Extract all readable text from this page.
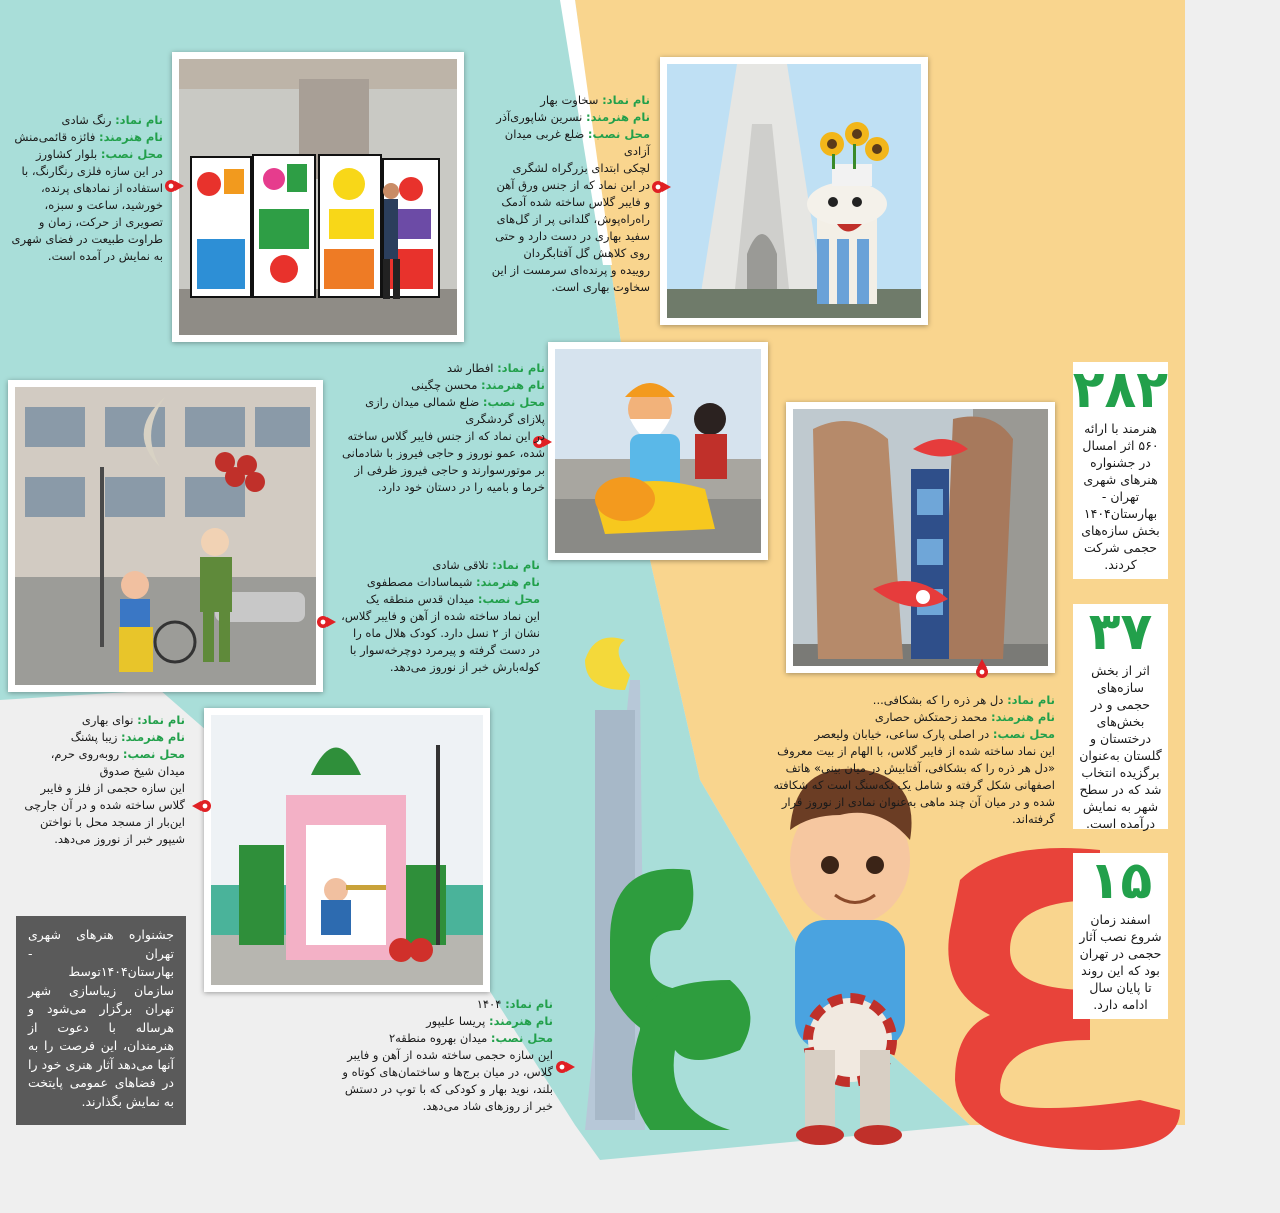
نام نماد: رنگ شادی

نام هنرمند: فائزه قائمی‌منش

محل نصب: بلوار کشاورز

در این سازه فلزی رنگارنگ، با استفاده از نمادهای پرنده، خورشید، ساعت و سبزه، تصویری از حرکت، زمان و طراوت طبیعت در فضای شهری به نمایش در آمده است.

نام نماد: سخاوت بهار

نام هنرمند: نسرین شاپوری‌آذر

محل نصب: ضلع غربی میدان آزادی

لچکی ابتدای بزرگراه لشگری

در این نماد که از جنس ورق آهن و فایبر گلاس ساخته شده آدمک راه‌راه‌پوش، گلدانی پر از گل‌های سفید بهاری در دست دارد و حتی روی کلاهش گل آفتابگردان روییده و پرنده‌ای سرمست از این سخاوت بهاری است.

نام نماد: افطار شد

نام هنرمند: محسن چگینی

محل نصب: ضلع شمالی میدان رازی

پلازای گردشگری

در این نماد که از جنس فایبر گلاس ساخته شده، عمو نوروز و حاجی فیروز با شادمانی بر موتورسوارند و حاجی فیروز ظرفی از خرما و بامیه را در دستان خود دارد.

نام نماد: تلاقی شادی

نام هنرمند: شیماسادات مصطفوی

محل نصب: میدان قدس منطقه یک

این نماد ساخته شده از آهن و فایبر گلاس، نشان از ۲ نسل دارد. کودک هلال ماه را در دست گرفته و پیرمرد دوچرخه‌سوار با کوله‌بارش خبر از نوروز می‌دهد.

نام نماد: دل هر ذره را که بشکافی...

نام هنرمند: محمد زحمتکش حصاری

محل نصب: در اصلی پارک ساعی، خیابان ولیعصر

این نماد ساخته شده از فایبر گلاس، با الهام از بیت معروف «دل هر ذره را که بشکافی، آفتابیش در میان بینی» هاتف اصفهانی شکل گرفته و شامل یک تکه‌سنگ است که شکافته شده و در میان آن چند ماهی به‌عنوان نمادی از نوروز قرار گرفته‌اند.

نام نماد: نوای بهاری

نام هنرمند: زیبا پشنگ

محل نصب: روبه‌روی حرم،

میدان شیخ صدوق

این سازه حجمی از فلز و فایبر گلاس ساخته شده و در آن جارچی این‌بار از مسجد محل با نواختن شیپور خبر از نوروز می‌دهد.

نام نماد: ۱۴۰۴

نام هنرمند: پریسا علیپور

محل نصب: میدان بهروه منطقه۲

این سازه حجمی ساخته شده از آهن و فایبر گلاس، در میان برج‌ها و ساختمان‌های کوتاه و بلند، نوید بهار و کودکی که با توپ در دستش خبر از روزهای شاد می‌دهد.

جشنواره هنرهای شهری تهران - بهارستان۱۴۰۴توسط سازمان زیباسازی شهر تهران برگزار می‌شود و هرساله با دعوت از هنرمندان، این فرصت را به آنها می‌دهد آثار هنری خود را در فضاهای عمومی پایتخت به نمایش بگذارند.
۲۸۲
هنرمند با ارائه ۵۶۰ اثر امسال در جشنواره هنرهای شهری تهران - بهارستان۱۴۰۴ بخش سازه‌های حجمی شرکت کردند.
۳۷
اثر از بخش سازه‌های حجمی و در بخش‌های درختستان و گلستان به‌عنوان برگزیده انتخاب شد که در سطح شهر به نمایش درآمده است.
۱۵
اسفند زمان شروع نصب آثار حجمی در تهران بود که این روند تا پایان سال ادامه دارد.
